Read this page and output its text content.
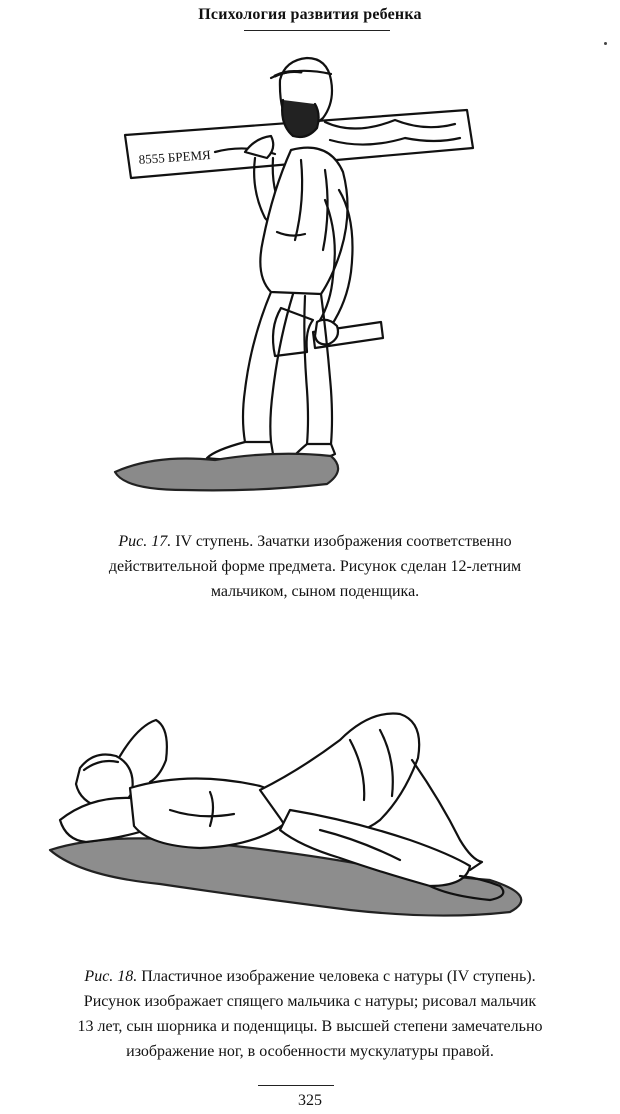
Психология развития ребенка
8555 БРЕМЯ
Рис. 17. IV ступень. Зачатки изображения соответственно
действительной форме предмета. Рисунок сделан 12-летним
мальчиком, сыном поденщика.
Рис. 18. Пластичное изображение человека с натуры (IV ступень).
Рисунок изображает спящего мальчика с натуры; рисовал мальчик
13 лет, сын шорника и поденщицы. В высшей степени замечательно
изображение ног, в особенности мускулатуры правой.
325
